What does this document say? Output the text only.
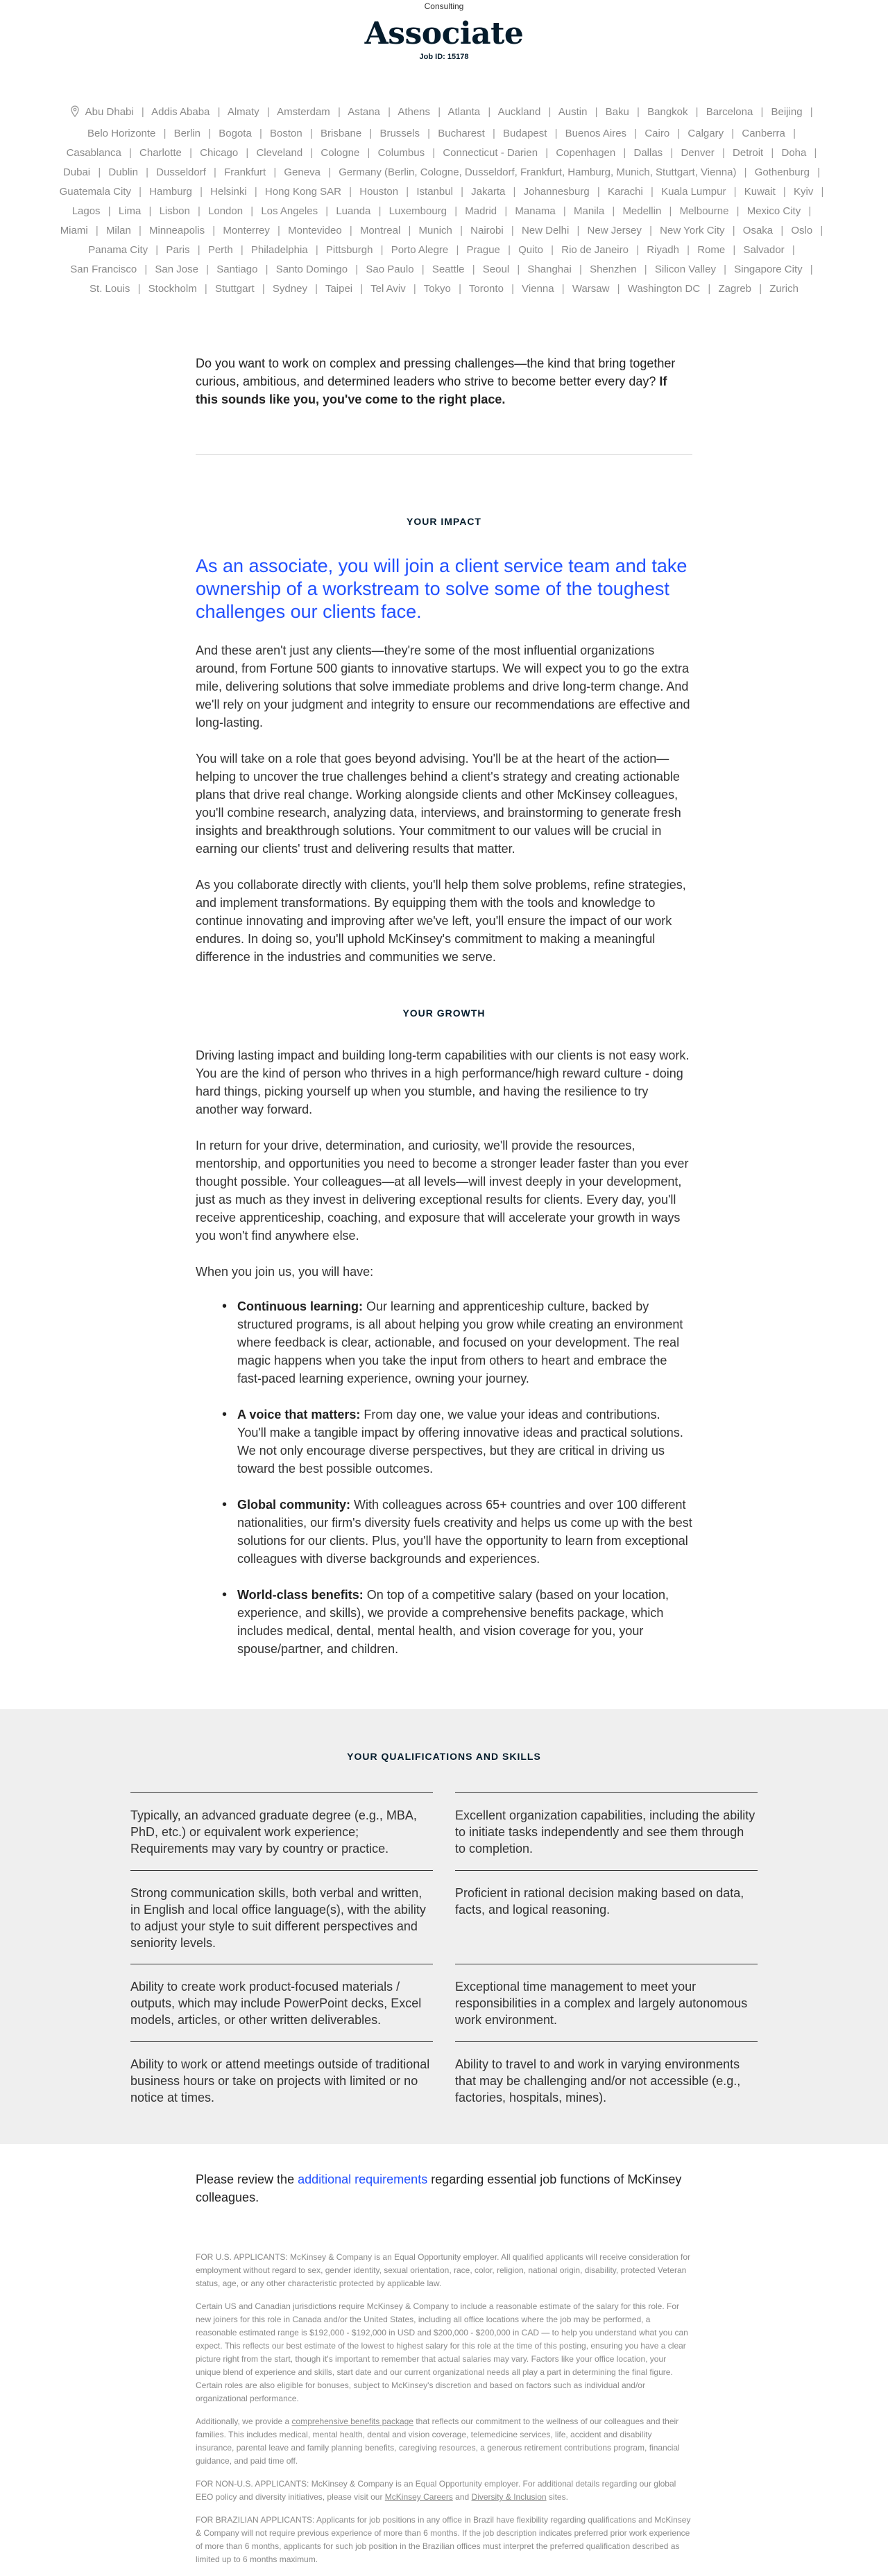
Consulting
Associate
Job ID: 15178
Abu Dhabi | Addis Ababa | Almaty | Amsterdam | Astana | Athens | Atlanta | Auckland | Austin | Baku | Bangkok | Barcelona | Beijing | Belo Horizonte | Berlin | Bogota | Boston | Brisbane | Brussels | Bucharest | Budapest | Buenos Aires | Cairo | Calgary | Canberra | Casablanca | Charlotte | Chicago | Cleveland | Cologne | Columbus | Connecticut - Darien | Copenhagen | Dallas | Denver | Detroit | Doha | Dubai | Dublin | Dusseldorf | Frankfurt | Geneva | Germany (Berlin, Cologne, Dusseldorf, Frankfurt, Hamburg, Munich, Stuttgart, Vienna) | Gothenburg | Guatemala City | Hamburg | Helsinki | Hong Kong SAR | Houston | Istanbul | Jakarta | Johannesburg | Karachi | Kuala Lumpur | Kuwait | Kyiv | Lagos | Lima | Lisbon | London | Los Angeles | Luanda | Luxembourg | Madrid | Manama | Manila | Medellin | Melbourne | Mexico City | Miami | Milan | Minneapolis | Monterrey | Montevideo | Montreal | Munich | Nairobi | New Delhi | New Jersey | New York City | Osaka | Oslo | Panama City | Paris | Perth | Philadelphia | Pittsburgh | Porto Alegre | Prague | Quito | Rio de Janeiro | Riyadh | Rome | Salvador | San Francisco | San Jose | Santiago | Santo Domingo | Sao Paulo | Seattle | Seoul | Shanghai | Shenzhen | Silicon Valley | Singapore City | St. Louis | Stockholm | Stuttgart | Sydney | Taipei | Tel Aviv | Tokyo | Toronto | Vienna | Warsaw | Washington DC | Zagreb | Zurich

Do you want to work on complex and pressing challenges—the kind that bring together curious, ambitious, and determined leaders who strive to become better every day? If this sounds like you, you've come to the right place.

YOUR IMPACT

As an associate, you will join a client service team and take ownership of a workstream to solve some of the toughest challenges our clients face.

And these aren't just any clients—they're some of the most influential organizations around, from Fortune 500 giants to innovative startups. We will expect you to go the extra mile, delivering solutions that solve immediate problems and drive long-term change. And we'll rely on your judgment and integrity to ensure our recommendations are effective and long-lasting.

You will take on a role that goes beyond advising. You'll be at the heart of the action—helping to uncover the true challenges behind a client's strategy and creating actionable plans that drive real change. Working alongside clients and other McKinsey colleagues, you'll combine research, analyzing data, interviews, and brainstorming to generate fresh insights and breakthrough solutions. Your commitment to our values will be crucial in earning our clients' trust and delivering results that matter.

As you collaborate directly with clients, you'll help them solve problems, refine strategies, and implement transformations. By equipping them with the tools and knowledge to continue innovating and improving after we've left, you'll ensure the impact of our work endures. In doing so, you'll uphold McKinsey's commitment to making a meaningful difference in the industries and communities we serve.

YOUR GROWTH

Driving lasting impact and building long-term capabilities with our clients is not easy work. You are the kind of person who thrives in a high performance/high reward culture - doing hard things, picking yourself up when you stumble, and having the resilience to try another way forward.

In return for your drive, determination, and curiosity, we'll provide the resources, mentorship, and opportunities you need to become a stronger leader faster than you ever thought possible. Your colleagues—at all levels—will invest deeply in your development, just as much as they invest in delivering exceptional results for clients. Every day, you'll receive apprenticeship, coaching, and exposure that will accelerate your growth in ways you won't find anywhere else.

When you join us, you will have:

• Continuous learning: Our learning and apprenticeship culture, backed by structured programs, is all about helping you grow while creating an environment where feedback is clear, actionable, and focused on your development. The real magic happens when you take the input from others to heart and embrace the fast-paced learning experience, owning your journey.
• A voice that matters: From day one, we value your ideas and contributions. You'll make a tangible impact by offering innovative ideas and practical solutions. We not only encourage diverse perspectives, but they are critical in driving us toward the best possible outcomes.
• Global community: With colleagues across 65+ countries and over 100 different nationalities, our firm's diversity fuels creativity and helps us come up with the best solutions for our clients. Plus, you'll have the opportunity to learn from exceptional colleagues with diverse backgrounds and experiences.
• World-class benefits: On top of a competitive salary (based on your location, experience, and skills), we provide a comprehensive benefits package, which includes medical, dental, mental health, and vision coverage for you, your spouse/partner, and children.
YOUR QUALIFICATIONS AND SKILLS
Typically, an advanced graduate degree (e.g., MBA, PhD, etc.) or equivalent work experience; Requirements may vary by country or practice.
Excellent organization capabilities, including the ability to initiate tasks independently and see them through to completion.
Strong communication skills, both verbal and written, in English and local office language(s), with the ability to adjust your style to suit different perspectives and seniority levels.
Proficient in rational decision making based on data, facts, and logical reasoning.
Ability to create work product-focused materials / outputs, which may include PowerPoint decks, Excel models, articles, or other written deliverables.
Exceptional time management to meet your responsibilities in a complex and largely autonomous work environment.
Ability to work or attend meetings outside of traditional business hours or take on projects with limited or no notice at times.
Ability to travel to and work in varying environments that may be challenging and/or not accessible (e.g., factories, hospitals, mines).

Please review the additional requirements regarding essential job functions of McKinsey colleagues.

FOR U.S. APPLICANTS: McKinsey & Company is an Equal Opportunity employer. All qualified applicants will receive consideration for employment without regard to sex, gender identity, sexual orientation, race, color, religion, national origin, disability, protected Veteran status, age, or any other characteristic protected by applicable law.

Certain US and Canadian jurisdictions require McKinsey & Company to include a reasonable estimate of the salary for this role. For new joiners for this role in Canada and/or the United States, including all office locations where the job may be performed, a reasonable estimated range is $192,000 - $192,000 in USD and $200,000 - $200,000 in CAD — to help you understand what you can expect. This reflects our best estimate of the lowest to highest salary for this role at the time of this posting, ensuring you have a clear picture right from the start, though it's important to remember that actual salaries may vary. Factors like your office location, your unique blend of experience and skills, start date and our current organizational needs all play a part in determining the final figure. Certain roles are also eligible for bonuses, subject to McKinsey's discretion and based on factors such as individual and/or organizational performance.

Additionally, we provide a comprehensive benefits package that reflects our commitment to the wellness of our colleagues and their families. This includes medical, mental health, dental and vision coverage, telemedicine services, life, accident and disability insurance, parental leave and family planning benefits, caregiving resources, a generous retirement contributions program, financial guidance, and paid time off.

FOR NON-U.S. APPLICANTS: McKinsey & Company is an Equal Opportunity employer. For additional details regarding our global EEO policy and diversity initiatives, please visit our McKinsey Careers and Diversity & Inclusion sites.

FOR BRAZILIAN APPLICANTS: Applicants for job positions in any office in Brazil have flexibility regarding qualifications and McKinsey & Company will not require previous experience of more than 6 months. If the job description indicates preferred prior work experience of more than 6 months, applicants for such job position in the Brazilian offices must interpret the preferred qualification described as limited up to 6 months maximum.
